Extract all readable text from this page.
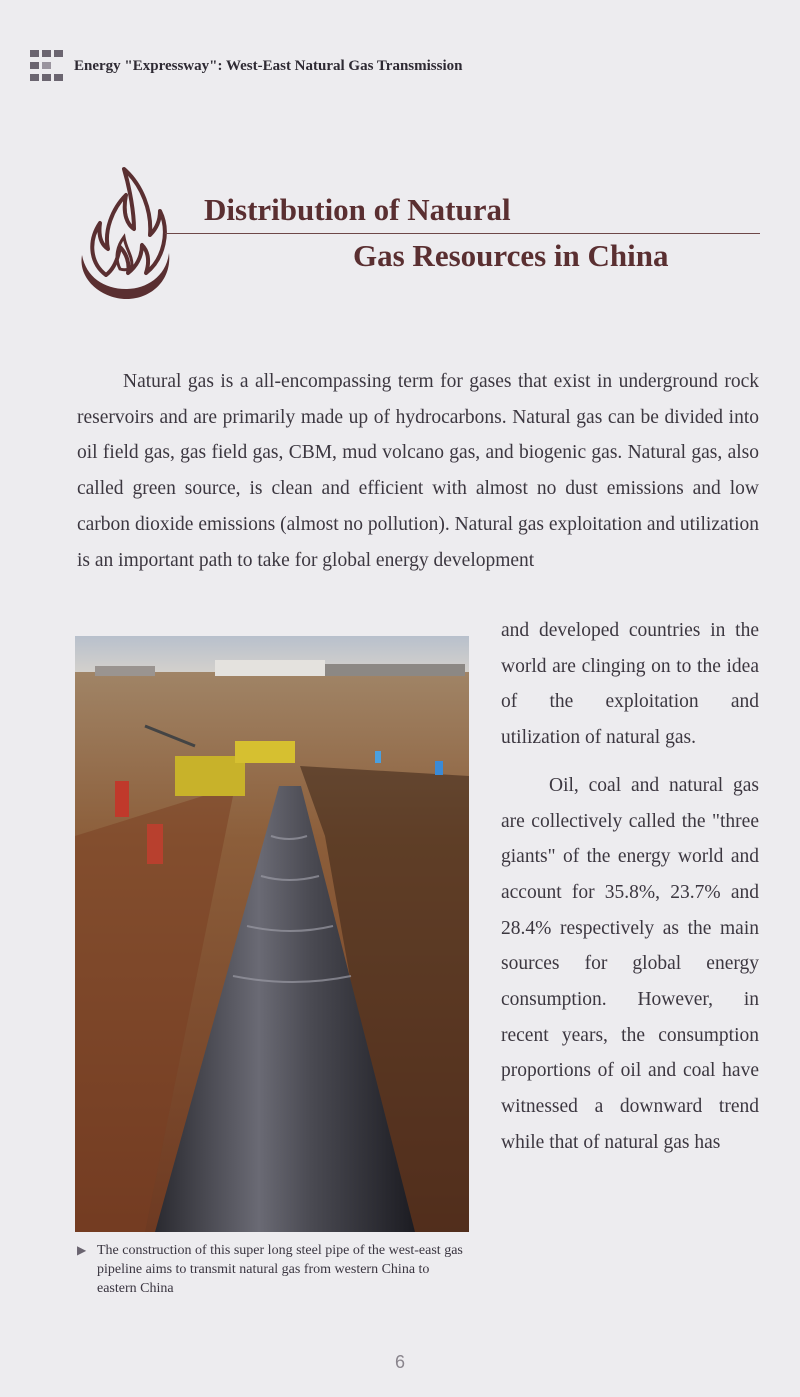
Energy "Expressway": West-East Natural Gas Transmission
Distribution of Natural
Gas Resources in China

Natural gas is a all-encompassing term for gases that exist in underground rock reservoirs and are primarily made up of hydrocarbons. Natural gas can be divided into oil field gas, gas field gas, CBM, mud volcano gas, and biogenic gas. Natural gas, also called green source, is clean and efficient with almost no dust emissions and low carbon dioxide emissions (almost no pollution). Natural gas exploitation and utilization is an important path to take for global energy development

▶ The construction of this super long steel pipe of the west-east gas pipeline aims to transmit natural gas from western China to eastern China

and developed countries in the world are clinging on to the idea of the exploitation and utilization of natural gas.

Oil, coal and natural gas are collectively called the "three giants" of the energy world and account for 35.8%, 23.7% and 28.4% respectively as the main sources for global energy consumption. However, in recent years, the consumption proportions of oil and coal have witnessed a downward trend while that of natural gas has

6
